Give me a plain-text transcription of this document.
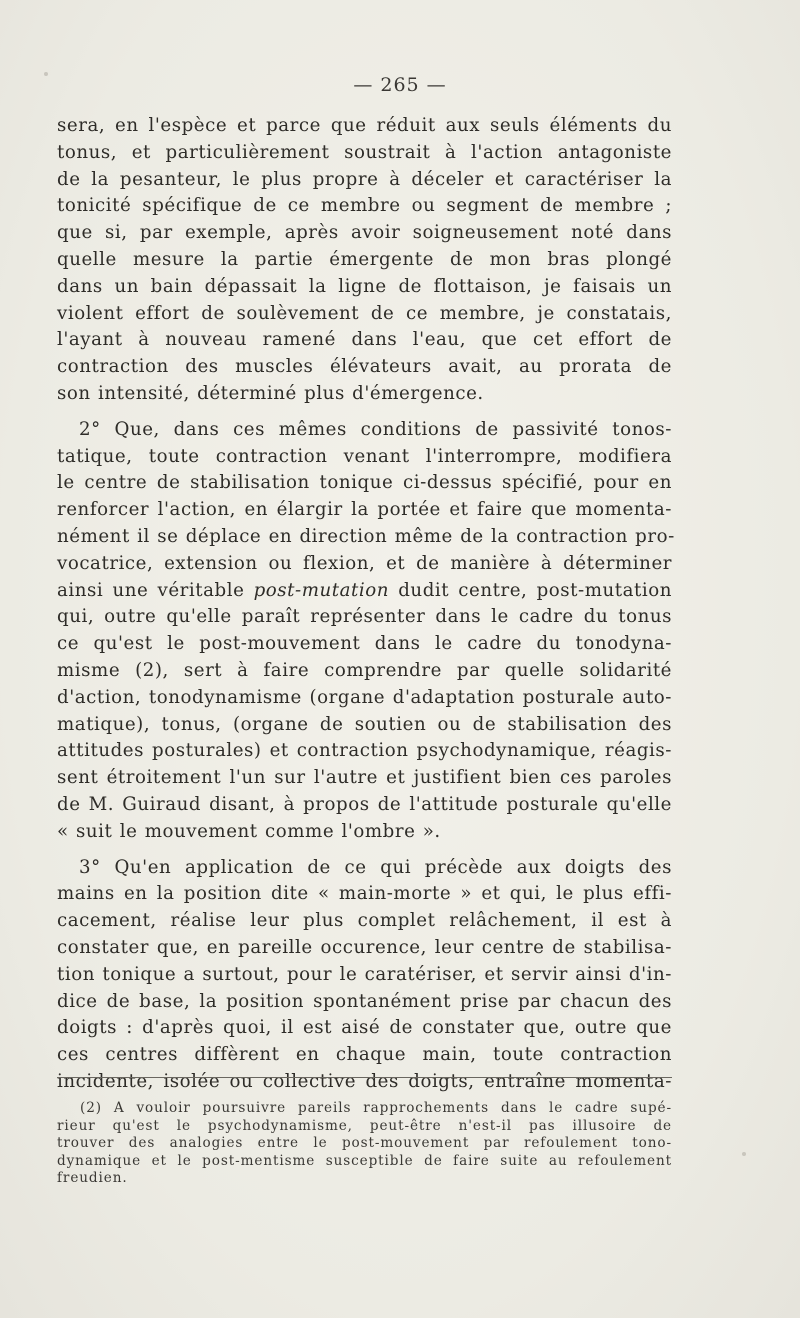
— 265 —
sera, en l'espèce et parce que réduit aux seuls éléments du
tonus, et particulièrement soustrait à l'action antagoniste
de la pesanteur, le plus propre à déceler et caractériser la
tonicité spécifique de ce membre ou segment de membre ;
que si, par exemple, après avoir soigneusement noté dans
quelle mesure la partie émergente de mon bras plongé
dans un bain dépassait la ligne de flottaison, je faisais un
violent effort de soulèvement de ce membre, je constatais,
l'ayant à nouveau ramené dans l'eau, que cet effort de
contraction des muscles élévateurs avait, au prorata de
son intensité, déterminé plus d'émergence.
2° Que, dans ces mêmes conditions de passivité tonos-
tatique, toute contraction venant l'interrompre, modifiera
le centre de stabilisation tonique ci-dessus spécifié, pour en
renforcer l'action, en élargir la portée et faire que momenta-
nément il se déplace en direction même de la contraction pro-
vocatrice, extension ou flexion, et de manière à déterminer
ainsi une véritable post-mutation dudit centre, post-mutation
qui, outre qu'elle paraît représenter dans le cadre du tonus
ce qu'est le post-mouvement dans le cadre du tonodyna-
misme (2), sert à faire comprendre par quelle solidarité
d'action, tonodynamisme (organe d'adaptation posturale auto-
matique), tonus, (organe de soutien ou de stabilisation des
attitudes posturales) et contraction psychodynamique, réagis-
sent étroitement l'un sur l'autre et justifient bien ces paroles
de M. Guiraud disant, à propos de l'attitude posturale qu'elle
« suit le mouvement comme l'ombre ».
3° Qu'en application de ce qui précède aux doigts des
mains en la position dite « main-morte » et qui, le plus effi-
cacement, réalise leur plus complet relâchement, il est à
constater que, en pareille occurence, leur centre de stabilisa-
tion tonique a surtout, pour le caratériser, et servir ainsi d'in-
dice de base, la position spontanément prise par chacun des
doigts : d'après quoi, il est aisé de constater que, outre que
ces centres diffèrent en chaque main, toute contraction
incidente, isolée ou collective des doigts, entraîne momenta-
(2) A vouloir poursuivre pareils rapprochements dans le cadre supé-
rieur qu'est le psychodynamisme, peut-être n'est-il pas illusoire de
trouver des analogies entre le post-mouvement par refoulement tono-
dynamique et le post-mentisme susceptible de faire suite au refoulement
freudien.
